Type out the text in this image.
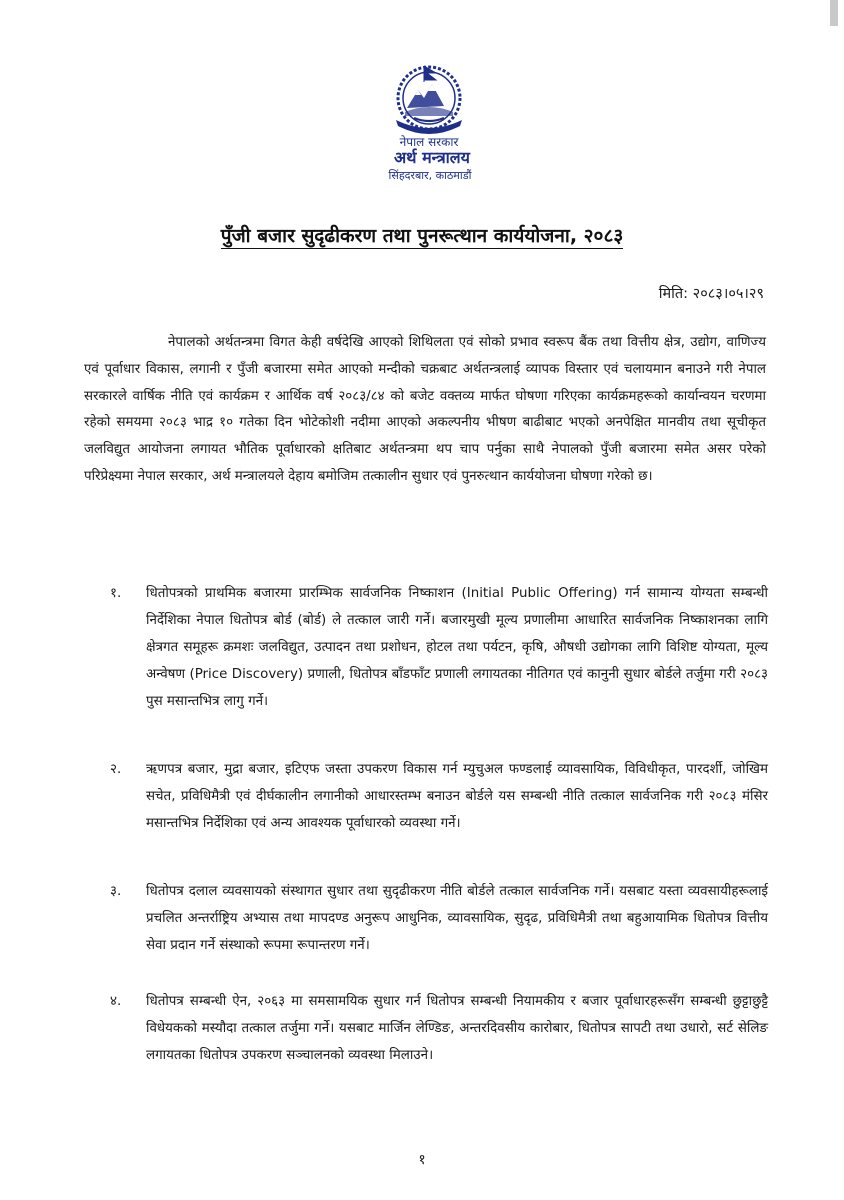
नेपाल सरकार
अर्थ मन्त्रालय
सिंहदरबार, काठमाडौं
पुँजी बजार सुदृढीकरण तथा पुनरूत्थान कार्ययोजना, २०८३
मिति: २०८३।०५।२९

नेपालको अर्थतन्त्रमा विगत केही वर्षदेखि आएको शिथिलता एवं सोको प्रभाव स्वरूप बैंक तथा वित्तीय क्षेत्र, उद्योग, वाणिज्य एवं पूर्वाधार विकास, लगानी र पुँजी बजारमा समेत आएको मन्दीको चक्रबाट अर्थतन्त्रलाई व्यापक विस्तार एवं चलायमान बनाउने गरी नेपाल सरकारले वार्षिक नीति एवं कार्यक्रम र आर्थिक वर्ष २०८३/८४ को बजेट वक्तव्य मार्फत घोषणा गरिएका कार्यक्रमहरूको कार्यान्वयन चरणमा रहेको समयमा २०८३ भाद्र १० गतेका दिन भोटेकोशी नदीमा आएको अकल्पनीय भीषण बाढीबाट भएको अनपेक्षित मानवीय तथा सूचीकृत जलविद्युत आयोजना लगायत भौतिक पूर्वाधारको क्षतिबाट अर्थतन्त्रमा थप चाप पर्नुका साथै नेपालको पुँजी बजारमा समेत असर परेको परिप्रेक्ष्यमा नेपाल सरकार, अर्थ मन्त्रालयले देहाय बमोजिम तत्कालीन सुधार एवं पुनरुत्थान कार्ययोजना घोषणा गरेको छ।

१. धितोपत्रको प्राथमिक बजारमा प्रारम्भिक सार्वजनिक निष्काशन (Initial Public Offering) गर्न सामान्य योग्यता सम्बन्धी निर्देशिका नेपाल धितोपत्र बोर्ड (बोर्ड) ले तत्काल जारी गर्ने। बजारमुखी मूल्य प्रणालीमा आधारित सार्वजनिक निष्काशनका लागि क्षेत्रगत समूहरू क्रमशः जलविद्युत, उत्पादन तथा प्रशोधन, होटल तथा पर्यटन, कृषि, औषधी उद्योगका लागि विशिष्ट योग्यता, मूल्य अन्वेषण (Price Discovery) प्रणाली, धितोपत्र बाँडफाँट प्रणाली लगायतका नीतिगत एवं कानुनी सुधार बोर्डले तर्जुमा गरी २०८३ पुस मसान्तभित्र लागु गर्ने।
२. ऋणपत्र बजार, मुद्रा बजार, इटिएफ जस्ता उपकरण विकास गर्न म्युचुअल फण्डलाई व्यावसायिक, विविधीकृत, पारदर्शी, जोखिम सचेत, प्रविधिमैत्री एवं दीर्घकालीन लगानीको आधारस्तम्भ बनाउन बोर्डले यस सम्बन्धी नीति तत्काल सार्वजनिक गरी २०८३ मंसिर मसान्तभित्र निर्देशिका एवं अन्य आवश्यक पूर्वाधारको व्यवस्था गर्ने।
३. धितोपत्र दलाल व्यवसायको संस्थागत सुधार तथा सुदृढीकरण नीति बोर्डले तत्काल सार्वजनिक गर्ने। यसबाट यस्ता व्यवसायीहरूलाई प्रचलित अन्तर्राष्ट्रिय अभ्यास तथा मापदण्ड अनुरूप आधुनिक, व्यावसायिक, सुदृढ, प्रविधिमैत्री तथा बहुआयामिक धितोपत्र वित्तीय सेवा प्रदान गर्ने संस्थाको रूपमा रूपान्तरण गर्ने।
४. धितोपत्र सम्बन्धी ऐन, २०६३ मा समसामयिक सुधार गर्न धितोपत्र सम्बन्धी नियामकीय र बजार पूर्वाधारहरूसँग सम्बन्धी छुट्टाछुट्टै विधेयकको मस्यौदा तत्काल तर्जुमा गर्ने। यसबाट मार्जिन लेण्डिङ, अन्तरदिवसीय कारोबार, धितोपत्र सापटी तथा उधारो, सर्ट सेलिङ लगायतका धितोपत्र उपकरण सञ्चालनको व्यवस्था मिलाउने।
१
